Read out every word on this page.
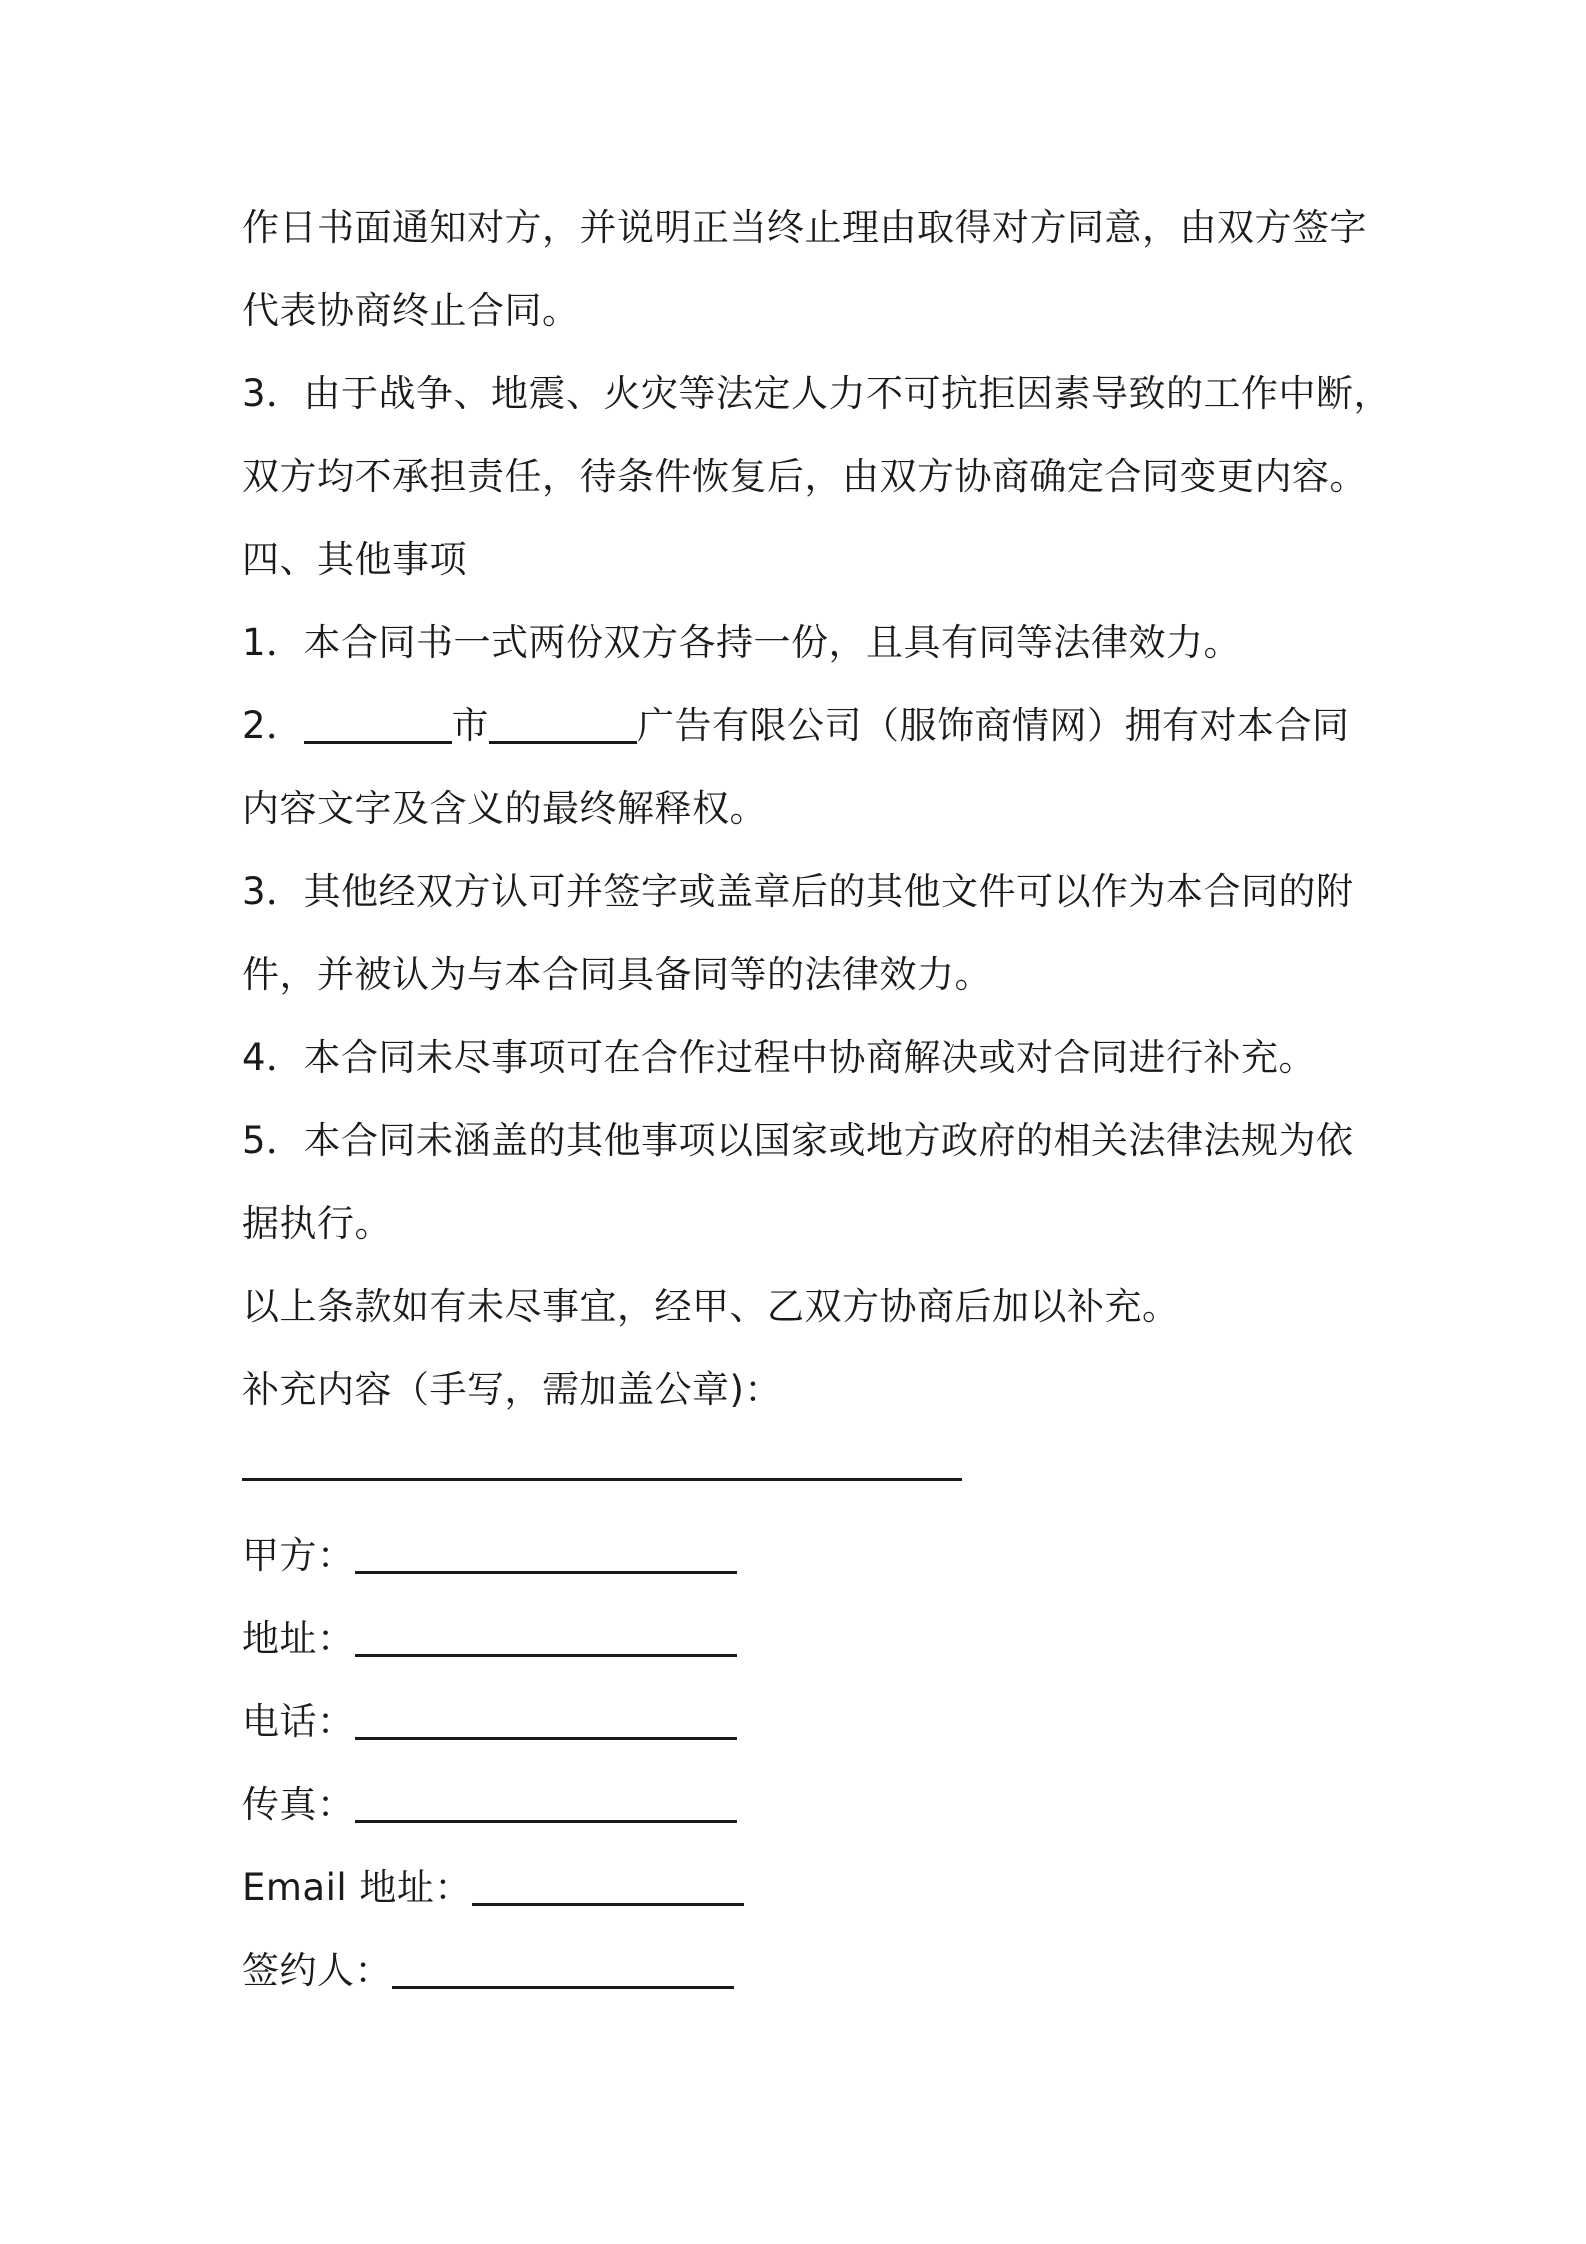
作日书面通知对方，并说明正当终止理由取得对方同意，由双方签字
代表协商终止合同。
3．由于战争、地震、火灾等法定人力不可抗拒因素导致的工作中断，
双方均不承担责任，待条件恢复后，由双方协商确定合同变更内容。
四、其他事项
1．本合同书一式两份双方各持一份，且具有同等法律效力。
2．	市	广告有限公司（服饰商情网）拥有对本合同
内容文字及含义的最终解释权。
3．其他经双方认可并签字或盖章后的其他文件可以作为本合同的附
件，并被认为与本合同具备同等的法律效力。
4．本合同未尽事项可在合作过程中协商解决或对合同进行补充。
5．本合同未涵盖的其他事项以国家或地方政府的相关法律法规为依
据执行。
以上条款如有未尽事宜，经甲、乙双方协商后加以补充。
补充内容（手写，需加盖公章)：
甲方：
地址：
电话：
传真：
Email 地址：
签约人：
